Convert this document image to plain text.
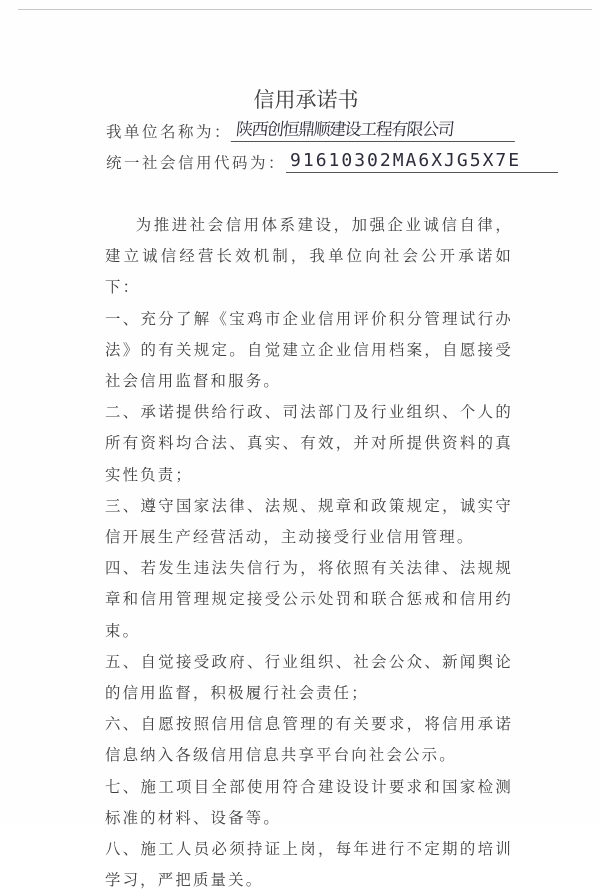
信用承诺书
我单位名称为： 陕西创恒鼎顺建设工程有限公司
统一社会信用代码为： 91610302MA6XJG5X7E

为推进社会信用体系建设，加强企业诚信自律，建立诚信经营长效机制，我单位向社会公开承诺如下：

一、充分了解《宝鸡市企业信用评价积分管理试行办法》的有关规定。自觉建立企业信用档案，自愿接受社会信用监督和服务。

二、承诺提供给行政、司法部门及行业组织、个人的所有资料均合法、真实、有效，并对所提供资料的真实性负责；

三、遵守国家法律、法规、规章和政策规定，诚实守信开展生产经营活动，主动接受行业信用管理。

四、若发生违法失信行为，将依照有关法律、法规规章和信用管理规定接受公示处罚和联合惩戒和信用约束。

五、自觉接受政府、行业组织、社会公众、新闻舆论的信用监督，积极履行社会责任；

六、自愿按照信用信息管理的有关要求，将信用承诺信息纳入各级信用信息共享平台向社会公示。

七、施工项目全部使用符合建设设计要求和国家检测标准的材料、设备等。

八、施工人员必须持证上岗，每年进行不定期的培训学习，严把质量关。
